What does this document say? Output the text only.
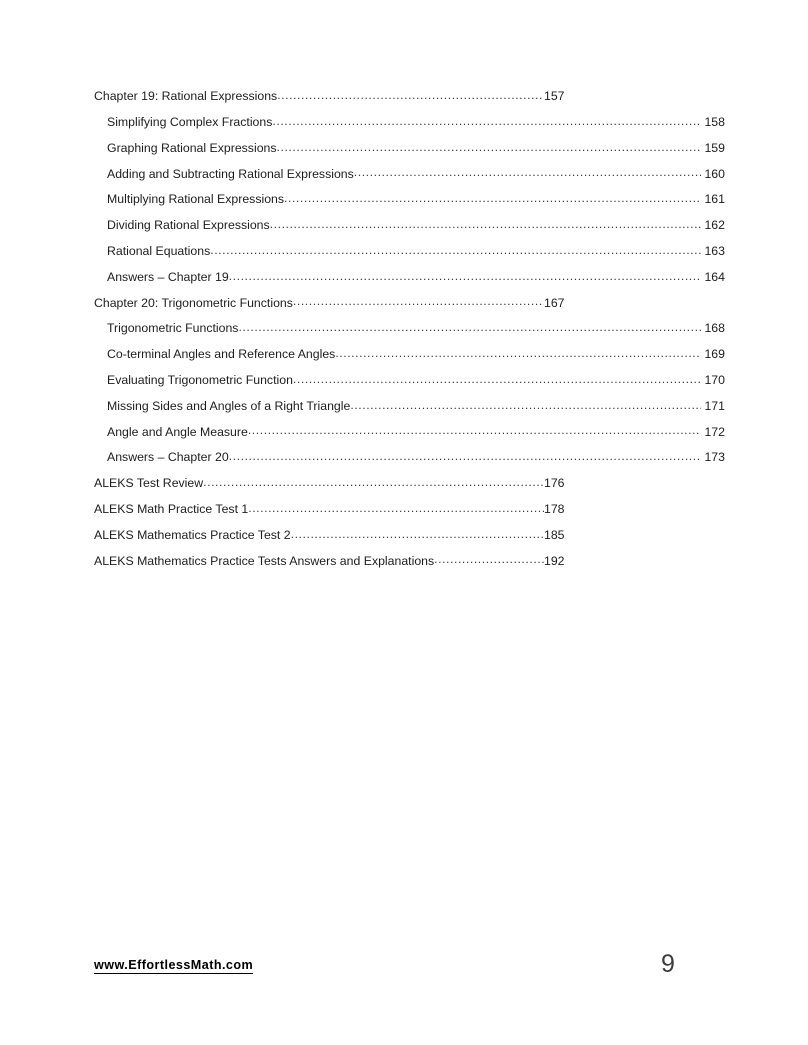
Chapter 19: Rational Expressions .....	157
Simplifying Complex Fractions .....	158
Graphing Rational Expressions .....	159
Adding and Subtracting Rational Expressions .....	160
Multiplying Rational Expressions .....	161
Dividing Rational Expressions .....	162
Rational Equations .....	163
Answers – Chapter 19 .....	164
Chapter 20: Trigonometric Functions .....	167
Trigonometric Functions .....	168
Co-terminal Angles and Reference Angles .....	169
Evaluating Trigonometric Function .....	170
Missing Sides and Angles of a Right Triangle .....	171
Angle and Angle Measure .....	172
Answers – Chapter 20 .....	173
ALEKS Test Review .....	176
ALEKS Math Practice Test 1 .....	178
ALEKS Mathematics Practice Test 2 .....	185
ALEKS Mathematics Practice Tests Answers and Explanations .....	192
www.EffortlessMath.com	9
